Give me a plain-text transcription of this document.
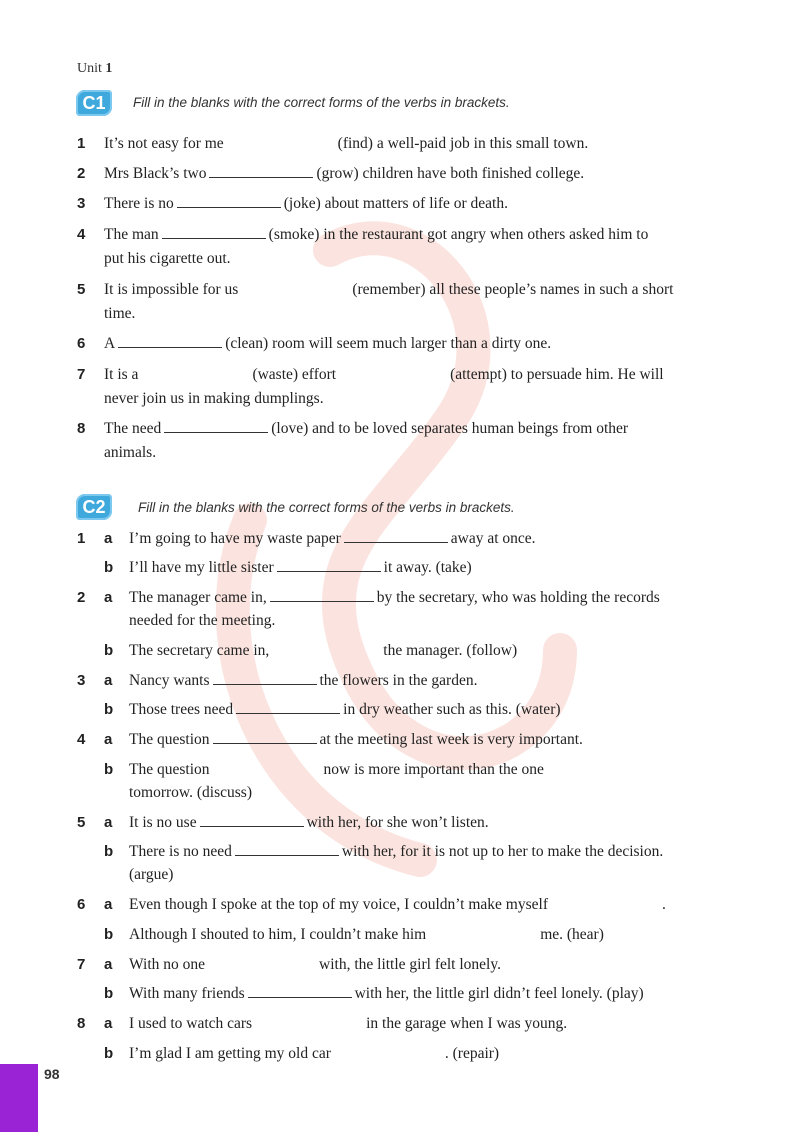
Unit 1
C1	Fill in the blanks with the correct forms of the verbs in brackets.
1 It’s not easy for me	(find) a well-paid job in this small town.
2 Mrs Black’s two	(grow) children have both finished college.
3 There is no	(joke) about matters of life or death.
4 The man	(smoke) in the restaurant got angry when others asked him to
put his cigarette out.
5 It is impossible for us	(remember) all these people’s names in such a short
time.
6 A	(clean) room will seem much larger than a dirty one.
7 It is a	(waste) effort	(attempt) to persuade him. He will
never join us in making dumplings.
8 The need	(love) and to be loved separates human beings from other
animals.
C2	Fill in the blanks with the correct forms of the verbs in brackets.
1 a I’m going to have my waste paper	away at once.
b I’ll have my little sister	it away. (take)
2 a The manager came in,	by the secretary, who was holding the records
needed for the meeting.
b The secretary came in,	the manager. (follow)
3 a Nancy wants	the flowers in the garden.
b Those trees need	in dry weather such as this. (water)
4 a The question	at the meeting last week is very important.
b The question	now is more important than the one
tomorrow. (discuss)
5 a It is no use	with her, for she won’t listen.
b There is no need	with her, for it is not up to her to make the decision.
(argue)
6 a Even though I spoke at the top of my voice, I couldn’t make myself	.
b Although I shouted to him, I couldn’t make him	me. (hear)
7 a With no one	with, the little girl felt lonely.
b With many friends	with her, the little girl didn’t feel lonely. (play)
8 a I used to watch cars	in the garage when I was young.
b I’m glad I am getting my old car	. (repair)
98
